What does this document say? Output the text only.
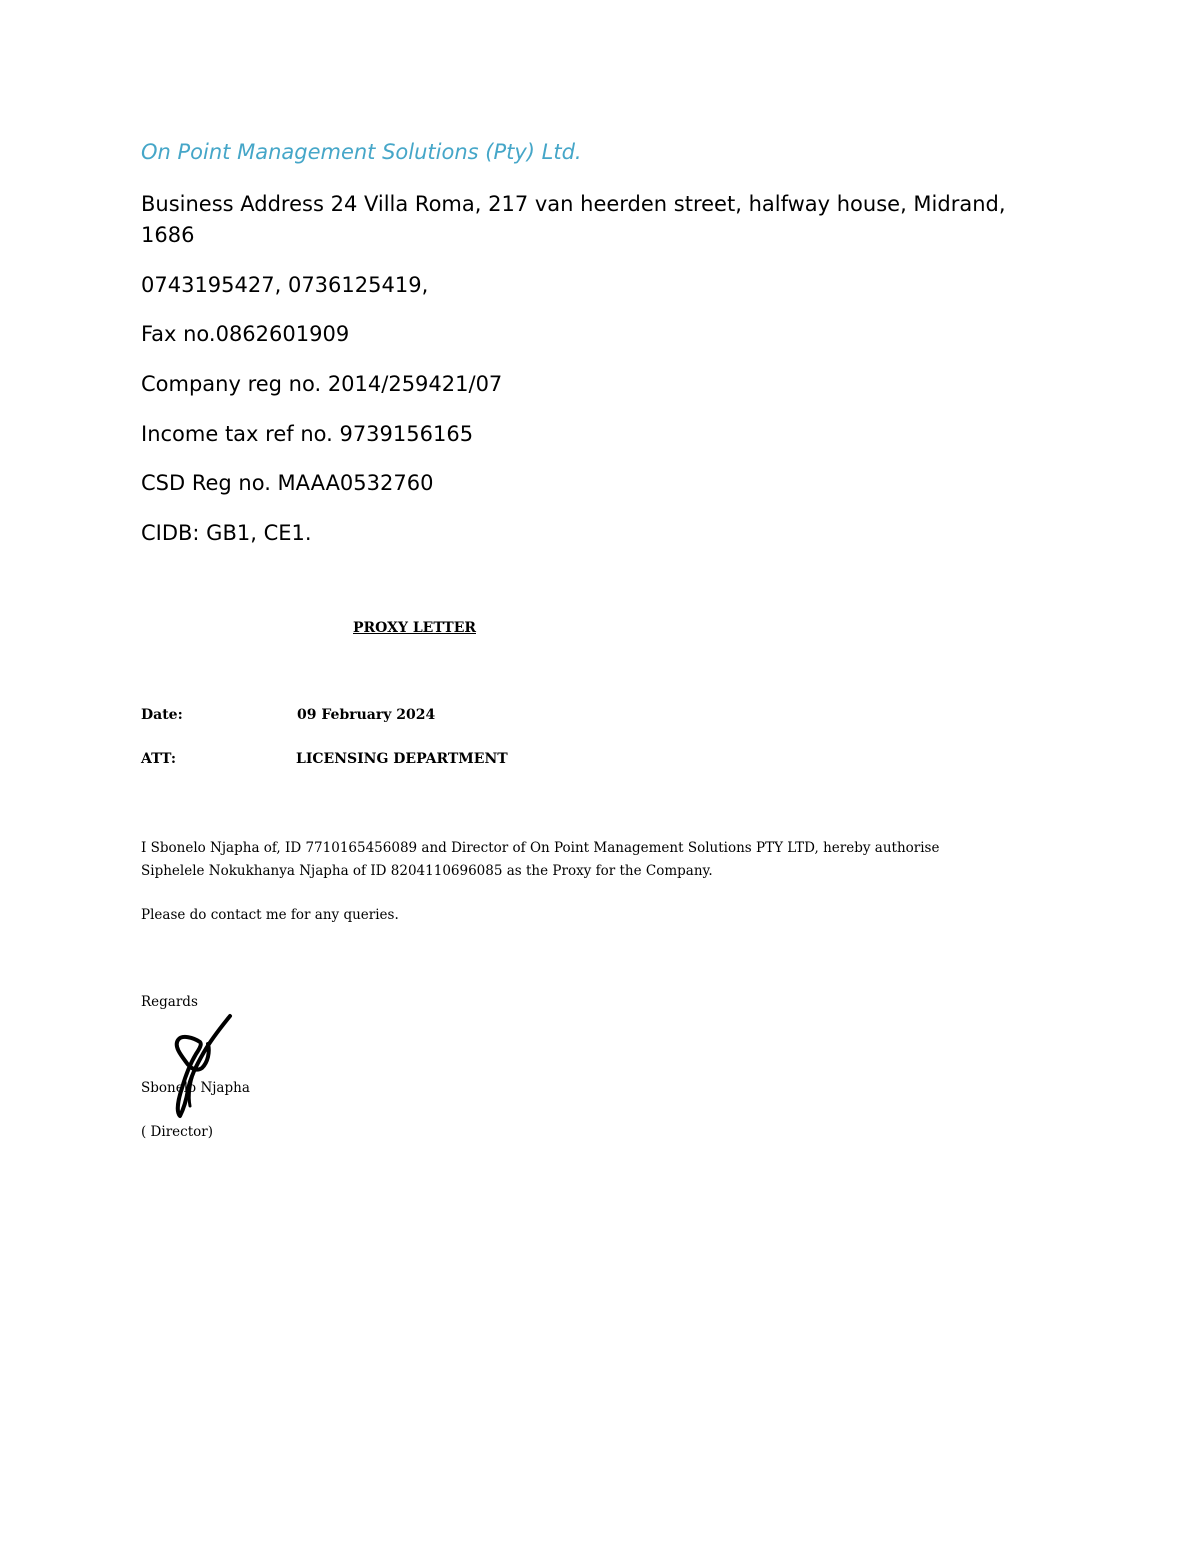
On Point Management Solutions (Pty) Ltd.
Business Address 24 Villa Roma, 217 van heerden street, halfway house, Midrand,
1686
0743195427, 0736125419,
Fax no.0862601909
Company reg no. 2014/259421/07
Income tax ref no. 9739156165
CSD Reg no. MAAA0532760
CIDB: GB1, CE1.
PROXY LETTER
Date:	09 February 2024
ATT:	LICENSING DEPARTMENT
I Sbonelo Njapha of, ID 7710165456089 and Director of On Point Management Solutions PTY LTD, hereby authorise
Siphelele Nokukhanya Njapha of ID 8204110696085 as the Proxy for the Company.
Please do contact me for any queries.
Regards
Sbonelo Njapha
( Director)
